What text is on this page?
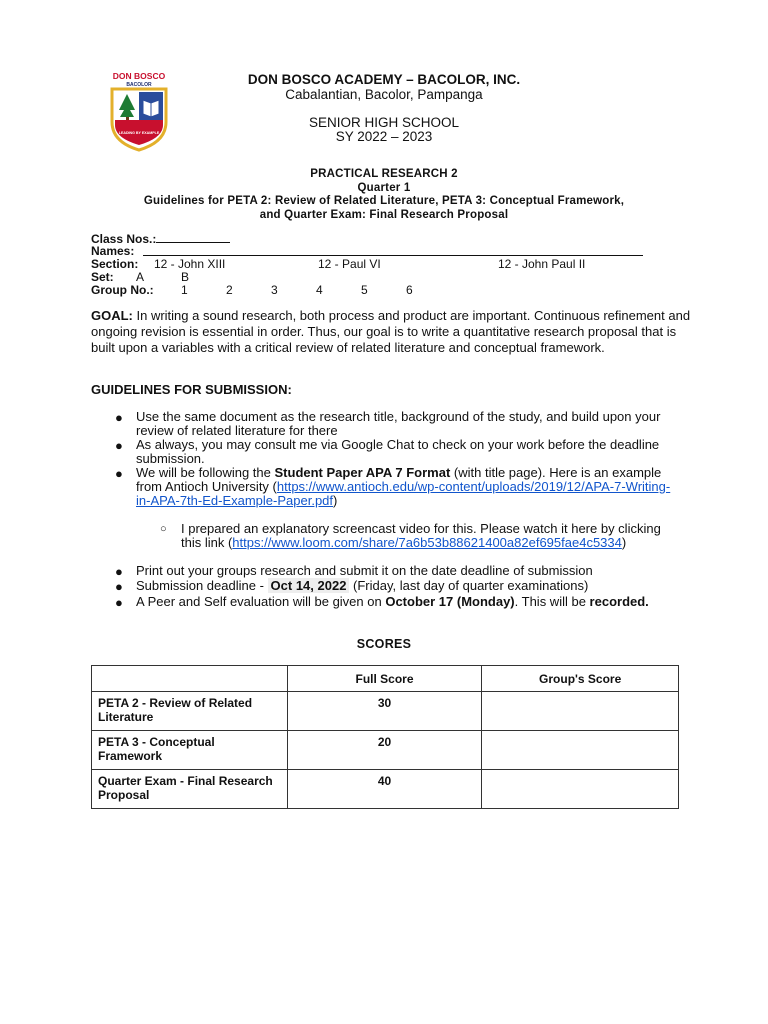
DON BOSCO
BACOLOR
LEADING BY EXAMPLE
DON BOSCO ACADEMY – BACOLOR, INC.
Cabalantian, Bacolor, Pampanga
SENIOR HIGH SCHOOL
SY 2022 – 2023
PRACTICAL RESEARCH 2
Quarter 1
Guidelines for PETA 2: Review of Related Literature, PETA 3: Conceptual Framework,
and Quarter Exam: Final Research Proposal
Class Nos.:
Names:
Section: 12 - John XIII	12 - Paul VI	12 - John Paul II
Set: A	B
Group No.: 1	2	3	4	5	6
GOAL: In writing a sound research, both process and product are important. Continuous refinement and ongoing revision is essential in order. Thus, our goal is to write a quantitative research proposal that is built upon a variables with a critical review of related literature and conceptual framework.
GUIDELINES FOR SUBMISSION:
● Use the same document as the research title, background of the study, and build upon your review of related literature for there
● As always, you may consult me via Google Chat to check on your work before the deadline submission.
● We will be following the Student Paper APA 7 Format (with title page). Here is an example from Antioch University (https://www.antioch.edu/wp-content/uploads/2019/12/APA-7-Writing-in-APA-7th-Ed-Example-Paper.pdf)
○ I prepared an explanatory screencast video for this. Please watch it here by clicking this link (https://www.loom.com/share/7a6b53b88621400a82ef695fae4c5334)
● Print out your groups research and submit it on the date deadline of submission
● Submission deadline - Oct 14, 2022 (Friday, last day of quarter examinations)
● A Peer and Self evaluation will be given on October 17 (Monday). This will be recorded.
SCORES
	Full Score	Group's Score
PETA 2 - Review of Related Literature	30	
PETA 3 - Conceptual Framework	20	
Quarter Exam - Final Research Proposal	40	
